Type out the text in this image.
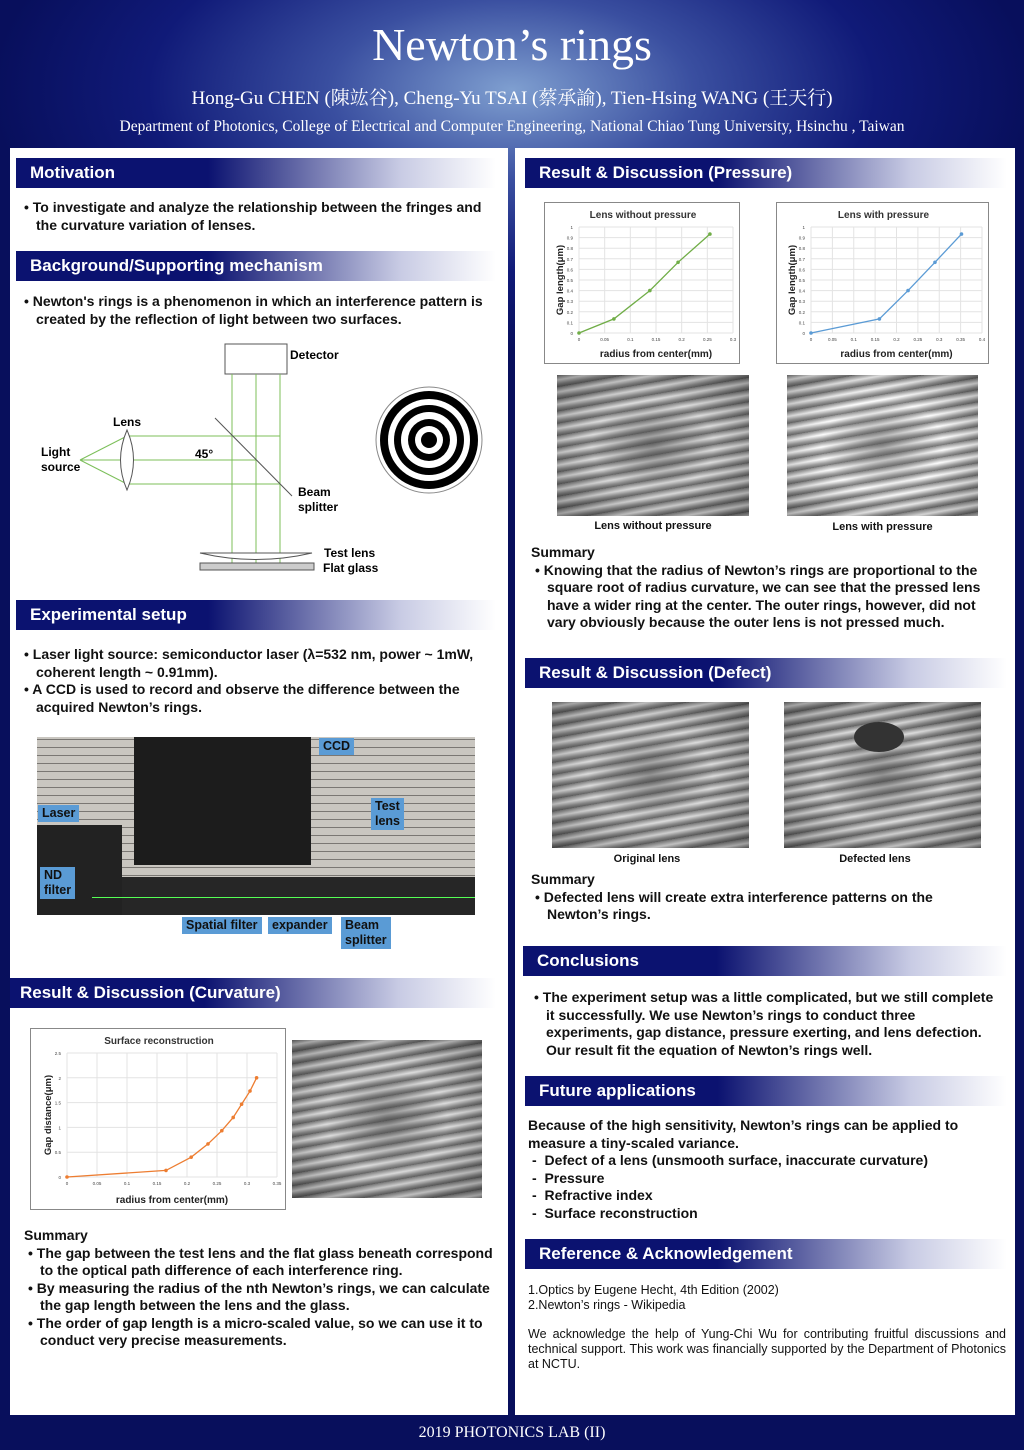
Newton’s rings
Hong-Gu CHEN (陳竑谷), Cheng-Yu TSAI (蔡承諭), Tien-Hsing WANG (王天行)
Department of Photonics, College of Electrical and Computer Engineering, National Chiao Tung University, Hsinchu , Taiwan
Motivation
• To investigate and analyze the relationship between the fringes and the curvature variation of lenses.
Background/Supporting mechanism
• Newton's rings is a phenomenon in which an interference pattern is created by the reflection of light between two surfaces.
Detector
Lens
Light
source
45°
Beam
splitter
Test lens
Flat glass
Experimental setup
• Laser light source: semiconductor laser (λ=532 nm, power ~ 1mW, coherent length ~ 0.91mm).
• A CCD is used to record and observe the difference between the acquired Newton’s rings.
CCD
Laser	Test
lens
ND
filter
Spatial filter	expander	Beam
splitter
Result & Discussion (Curvature)
Surface reconstruction
0
0.5
1
1.5
2
2.5
0	0.05	0.1	0.15	0.2	0.25	0.3	0.35
radius from center(mm)
Gap distance(μm)
Summary
• The gap between the test lens and the flat glass beneath correspond to the optical path difference of each interference ring.
• By measuring the radius of the nth Newton’s rings, we can calculate the gap length between the lens and the glass.
• The order of gap length is a micro-scaled value, so we can use it to conduct very precise measurements.
Result & Discussion (Pressure)
Lens without pressure
0
0.1
0.2
0.3
0.4
0.5
0.6
0.7
0.8
0.9
1
0	0.05	0.1	0.15	0.2	0.25	0.3
radius from center(mm)
Gap length(μm)
Lens with pressure
0
0.1
0.2
0.3
0.4
0.5
0.6
0.7
0.8
0.9
1
0	0.05	0.1	0.15	0.2	0.25	0.3	0.35	0.4
radius from center(mm)
Gap length(μm)
Lens without pressure	Lens with pressure
Summary
• Knowing that the radius of Newton’s rings are proportional to the square root of radius curvature, we can see that the pressed lens have a wider ring at the center. The outer rings, however, did not vary obviously because the outer lens is not pressed much.
Result & Discussion (Defect)
Original lens	Defected lens
Summary
• Defected lens will create extra interference patterns on the Newton’s rings.
Conclusions
• The experiment setup was a little complicated, but we still complete it successfully. We use Newton’s rings to conduct three experiments, gap distance, pressure exerting, and lens defection. Our result fit the equation of Newton’s rings well.
Future applications
Because of the high sensitivity, Newton’s rings can be applied to measure a tiny-scaled variance.
-  Defect of a lens (unsmooth surface, inaccurate curvature)
-  Pressure
-  Refractive index
-  Surface reconstruction
Reference & Acknowledgement
1.Optics by Eugene Hecht, 4th Edition (2002)
2.Newton’s rings - Wikipedia
We acknowledge the help of Yung-Chi Wu for contributing fruitful discussions and technical support. This work was financially supported by the Department of Photonics at NCTU.
2019 PHOTONICS LAB (II)
